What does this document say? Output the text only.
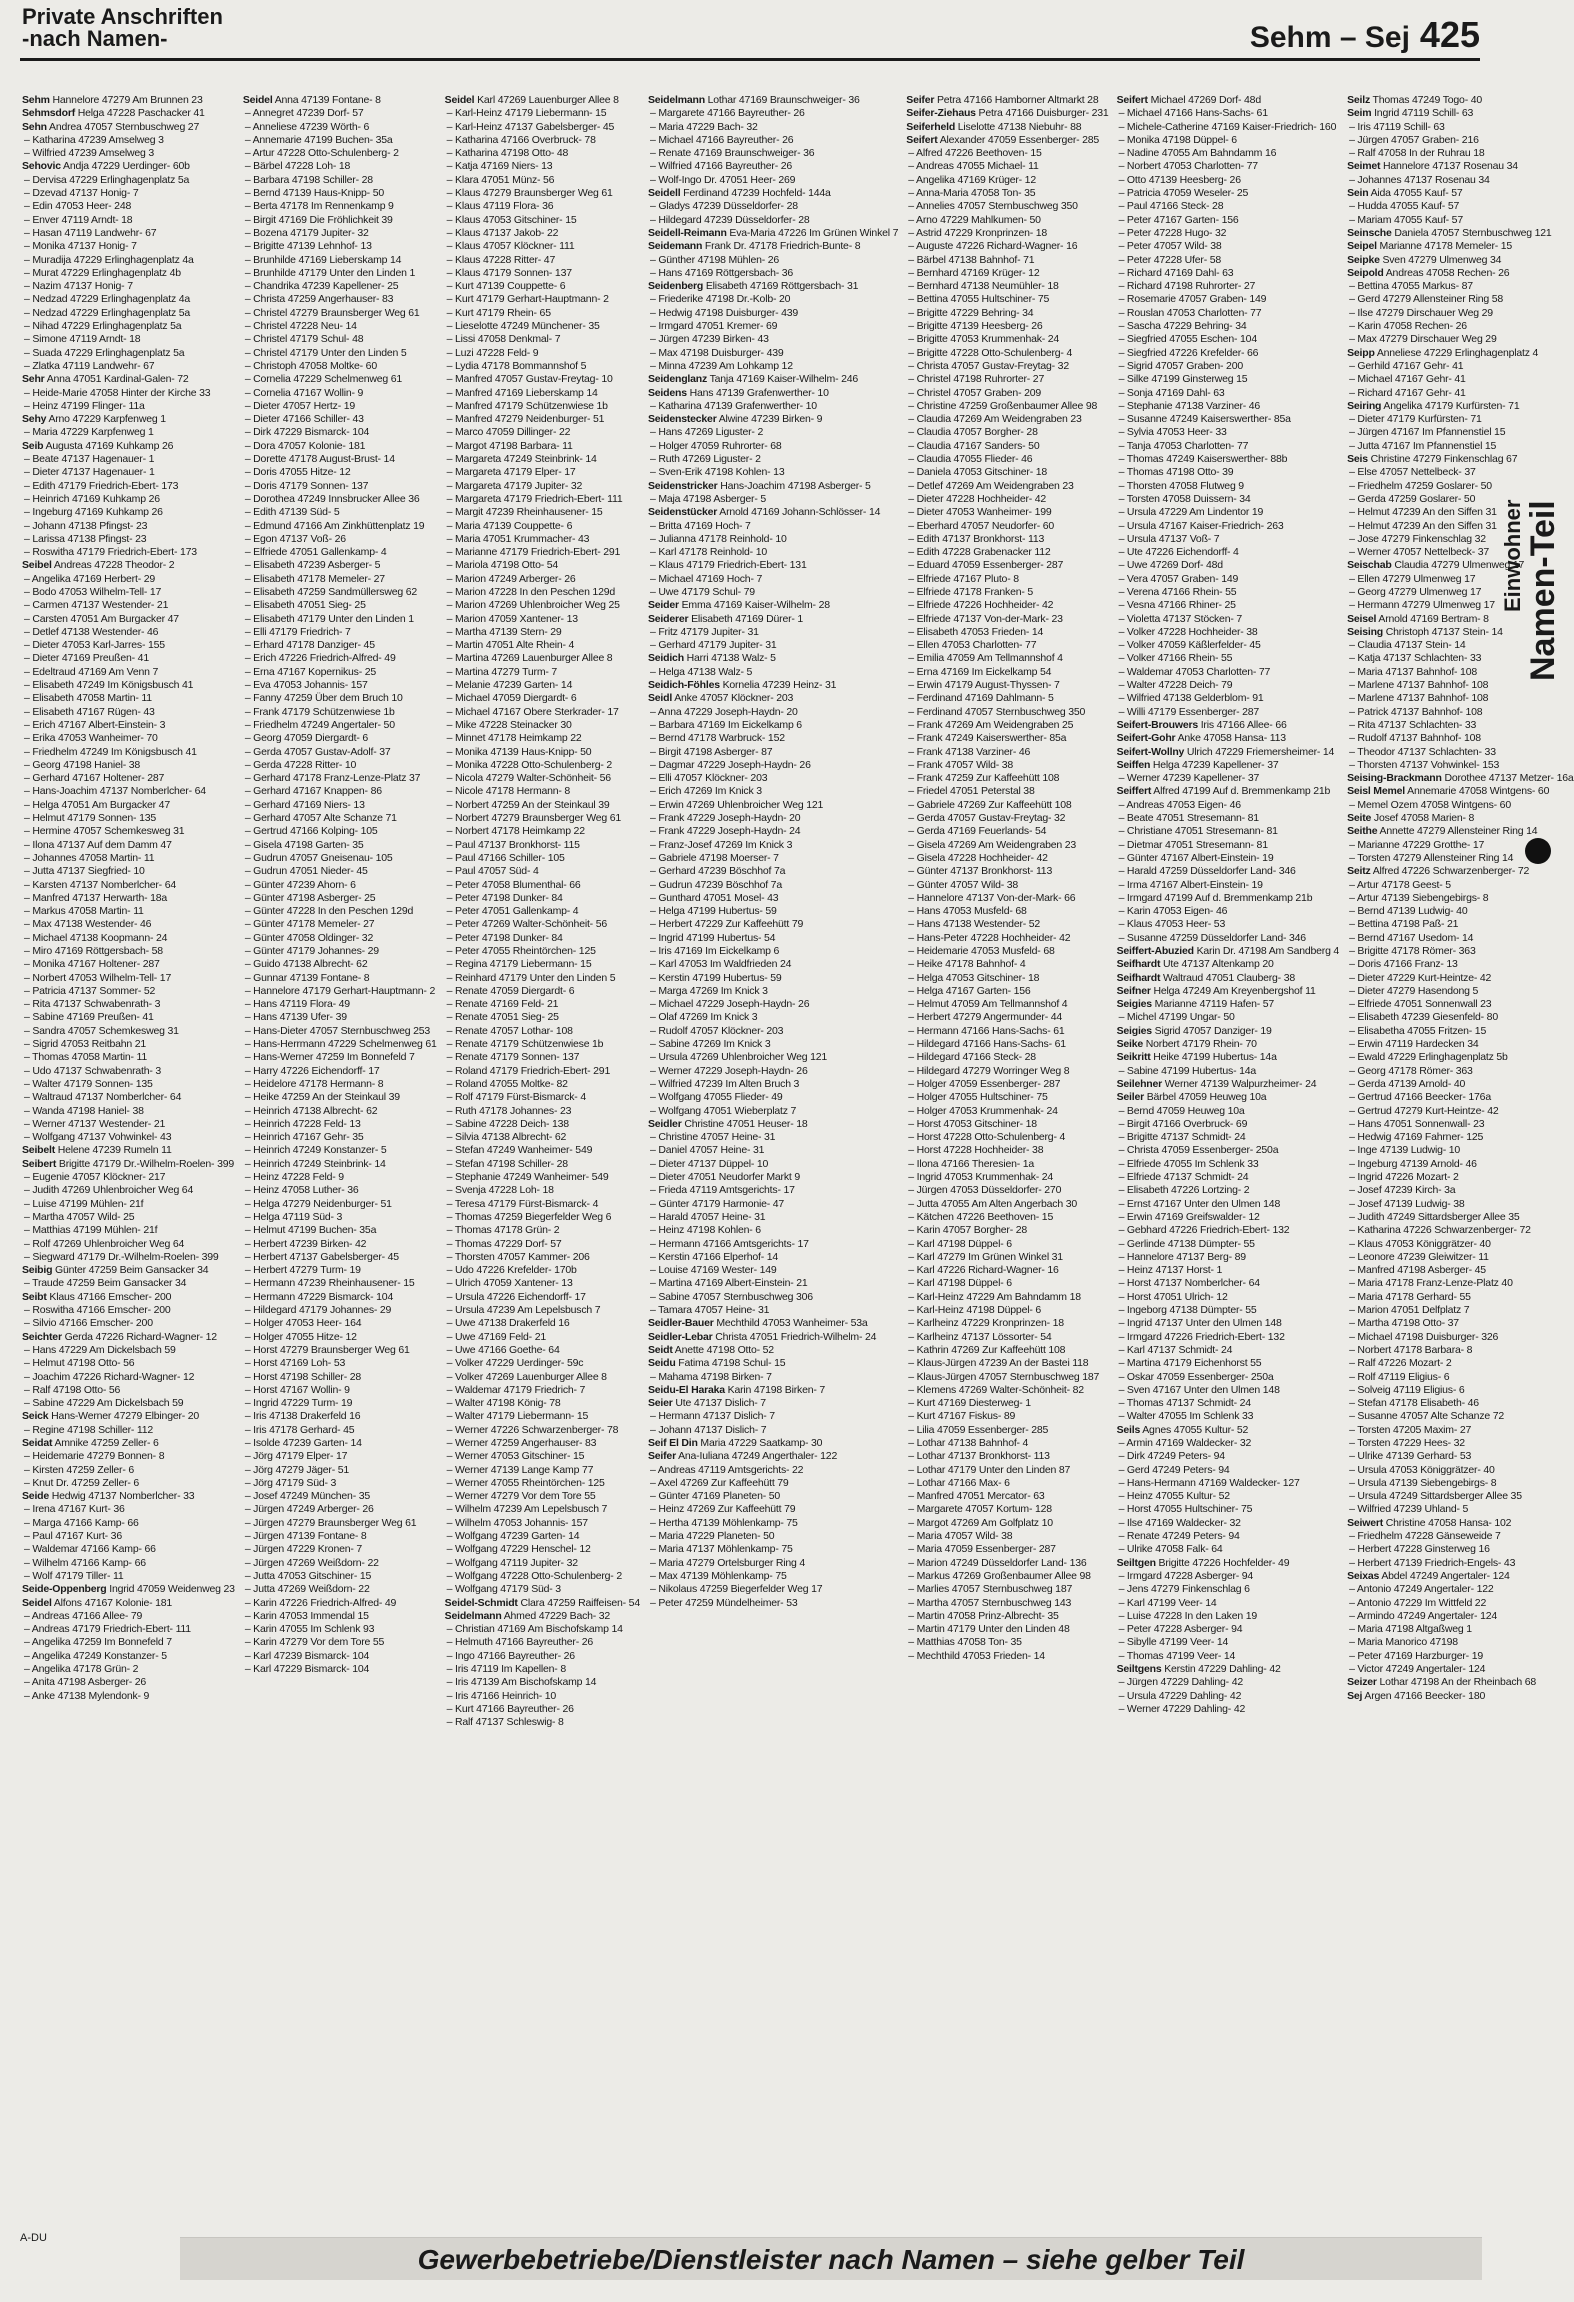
Private Anschriften
-nach Namen-	Sehm – Sej 425
Einwohner Namen-Teil
Sehm Hannelore 47279 Am Brunnen 23
Sehmsdorf Helga 47228 Paschacker 41
Sehn Andrea 47057 Sternbuschweg 27
– Katharina 47239 Amselweg 3
– Wilfried 47239 Amselweg 3
Sehovic Andja 47229 Uerdinger- 60b
– Dervisa 47229 Erlinghagenplatz 5a
– Dzevad 47137 Honig- 7
– Edin 47053 Heer- 248
– Enver 47119 Arndt- 18
– Hasan 47119 Landwehr- 67
– Monika 47137 Honig- 7
– Muradija 47229 Erlinghagenplatz 4a
– Murat 47229 Erlinghagenplatz 4b
– Nazim 47137 Honig- 7
– Nedzad 47229 Erlinghagenplatz 4a
– Nedzad 47229 Erlinghagenplatz 5a
– Nihad 47229 Erlinghagenplatz 5a
– Simone 47119 Arndt- 18
– Suada 47229 Erlinghagenplatz 5a
– Zlatka 47119 Landwehr- 67
Sehr Anna 47051 Kardinal-Galen- 72
– Heide-Marie 47058 Hinter der Kirche 33
– Heinz 47199 Flinger- 11a
Sehy Arno 47229 Karpfenweg 1
– Maria 47229 Karpfenweg 1
Seib Augusta 47169 Kuhkamp 26
– Beate 47137 Hagenauer- 1
– Dieter 47137 Hagenauer- 1
– Edith 47179 Friedrich-Ebert- 173
– Heinrich 47169 Kuhkamp 26
– Ingeburg 47169 Kuhkamp 26
– Johann 47138 Pfingst- 23
– Larissa 47138 Pfingst- 23
– Roswitha 47179 Friedrich-Ebert- 173
Seibel Andreas 47228 Theodor- 2
– Angelika 47169 Herbert- 29
– Bodo 47053 Wilhelm-Tell- 17
– Carmen 47137 Westender- 21
– Carsten 47051 Am Burgacker 47
– Detlef 47138 Westender- 46
– Dieter 47053 Karl-Jarres- 155
– Dieter 47169 Preußen- 41
– Edeltraud 47169 Am Venn 7
– Elisabeth 47249 Im Königsbusch 41
– Elisabeth 47058 Martin- 11
– Elisabeth 47167 Rügen- 43
– Erich 47167 Albert-Einstein- 3
– Erika 47053 Wanheimer- 70
– Friedhelm 47249 Im Königsbusch 41
– Georg 47198 Haniel- 38
– Gerhard 47167 Holtener- 287
– Hans-Joachim 47137 Nomberlcher- 64
– Helga 47051 Am Burgacker 47
– Helmut 47179 Sonnen- 135
– Hermine 47057 Schemkesweg 31
– Ilona 47137 Auf dem Damm 47
– Johannes 47058 Martin- 11
– Jutta 47137 Siegfried- 10
– Karsten 47137 Nomberlcher- 64
– Manfred 47137 Herwarth- 18a
– Markus 47058 Martin- 11
– Max 47138 Westender- 46
– Michael 47138 Koopmann- 24
– Miro 47169 Röttgersbach- 58
– Monika 47167 Holtener- 287
– Norbert 47053 Wilhelm-Tell- 17
– Patricia 47137 Sommer- 52
– Rita 47137 Schwabenrath- 3
– Sabine 47169 Preußen- 41
– Sandra 47057 Schemkesweg 31
– Sigrid 47053 Reitbahn 21
– Thomas 47058 Martin- 11
– Udo 47137 Schwabenrath- 3
– Walter 47179 Sonnen- 135
– Waltraud 47137 Nomberlcher- 64
– Wanda 47198 Haniel- 38
– Werner 47137 Westender- 21
– Wolfgang 47137 Vohwinkel- 43
Seibelt Helene 47239 Rumeln 11
Seibert Brigitte 47179 Dr.-Wilhelm-Roelen- 399
– Eugenie 47057 Klöckner- 217
– Judith 47269 Uhlenbroicher Weg 64
– Luise 47199 Mühlen- 21f
– Martha 47057 Wild- 25
– Matthias 47199 Mühlen- 21f
– Rolf 47269 Uhlenbroicher Weg 64
– Siegward 47179 Dr.-Wilhelm-Roelen- 399
Seibig Günter 47259 Beim Gansacker 34
– Traude 47259 Beim Gansacker 34
Seibt Klaus 47166 Emscher- 200
– Roswitha 47166 Emscher- 200
– Silvio 47166 Emscher- 200
Seichter Gerda 47226 Richard-Wagner- 12
– Hans 47229 Am Dickelsbach 59
– Helmut 47198 Otto- 56
– Joachim 47226 Richard-Wagner- 12
– Ralf 47198 Otto- 56
– Sabine 47229 Am Dickelsbach 59
Seick Hans-Werner 47279 Elbinger- 20
– Regine 47198 Schiller- 112
Seidat Amnike 47259 Zeller- 6
– Heidemarie 47279 Bonnen- 8
– Kirsten 47259 Zeller- 6
– Knut Dr. 47259 Zeller- 6
Seide Hedwig 47137 Nomberlcher- 33
– Irena 47167 Kurt- 36
– Marga 47166 Kamp- 66
– Paul 47167 Kurt- 36
– Waldemar 47166 Kamp- 66
– Wilhelm 47166 Kamp- 66
– Wolf 47179 Tiller- 11
Seide-Oppenberg Ingrid 47059 Weidenweg 23
Seidel Alfons 47167 Kolonie- 181
– Andreas 47166 Allee- 79
– Andreas 47179 Friedrich-Ebert- 111
– Angelika 47259 Im Bonnefeld 7
– Angelika 47249 Konstanzer- 5
– Angelika 47178 Grün- 2
– Anita 47198 Asberger- 26
– Anke 47138 Mylendonk- 9
Seidel Anna 47139 Fontane- 8
– Annegret 47239 Dorf- 57
– Anneliese 47239 Wörth- 6
– Annemarie 47199 Buchen- 35a
– Artur 47228 Otto-Schulenberg- 2
– Bärbel 47228 Loh- 18
– Barbara 47198 Schiller- 28
– Bernd 47139 Haus-Knipp- 50
– Berta 47178 Im Rennenkamp 9
– Birgit 47169 Die Fröhlichkeit 39
– Bozena 47179 Jupiter- 32
– Brigitte 47139 Lehnhof- 13
– Brunhilde 47169 Lieberskamp 14
– Brunhilde 47179 Unter den Linden 1
– Chandrika 47239 Kapellener- 25
– Christa 47259 Angerhauser- 83
– Christel 47279 Braunsberger Weg 61
– Christel 47228 Neu- 14
– Christel 47179 Schul- 48
– Christel 47179 Unter den Linden 5
– Christoph 47058 Moltke- 60
– Cornelia 47229 Schelmenweg 61
– Cornelia 47167 Wollin- 9
– Dieter 47057 Hertz- 19
– Dieter 47166 Schiller- 43
– Dirk 47229 Bismarck- 104
– Dora 47057 Kolonie- 181
– Dorette 47178 August-Brust- 14
– Doris 47055 Hitze- 12
– Doris 47179 Sonnen- 137
– Dorothea 47249 Innsbrucker Allee 36
– Edith 47139 Süd- 5
– Edmund 47166 Am Zinkhüttenplatz 19
– Egon 47137 Voß- 26
– Elfriede 47051 Gallenkamp- 4
– Elisabeth 47239 Asberger- 5
– Elisabeth 47178 Memeler- 27
– Elisabeth 47259 Sandmüllersweg 62
– Elisabeth 47051 Sieg- 25
– Elisabeth 47179 Unter den Linden 1
– Elli 47179 Friedrich- 7
– Erhard 47178 Danziger- 45
– Erich 47226 Friedrich-Alfred- 49
– Erna 47167 Kopernikus- 25
– Eva 47053 Johannis- 157
– Fanny 47259 Über dem Bruch 10
– Frank 47179 Schützenwiese 1b
– Friedhelm 47249 Angertaler- 50
– Georg 47059 Diergardt- 6
– Gerda 47057 Gustav-Adolf- 37
– Gerda 47228 Ritter- 10
– Gerhard 47178 Franz-Lenze-Platz 37
– Gerhard 47167 Knappen- 86
– Gerhard 47169 Niers- 13
– Gerhard 47057 Alte Schanze 71
– Gertrud 47166 Kolping- 105
– Gisela 47198 Garten- 35
– Gudrun 47057 Gneisenau- 105
– Gudrun 47051 Nieder- 45
– Günter 47239 Ahorn- 6
– Günter 47198 Asberger- 25
– Günter 47228 In den Peschen 129d
– Günter 47178 Memeler- 27
– Günter 47058 Oldinger- 32
– Günter 47179 Johannes- 29
– Guido 47138 Albrecht- 62
– Gunnar 47139 Fontane- 8
– Hannelore 47179 Gerhart-Hauptmann- 2
– Hans 47119 Flora- 49
– Hans 47139 Ufer- 39
– Hans-Dieter 47057 Sternbuschweg 253
– Hans-Herrmann 47229 Schelmenweg 61
– Hans-Werner 47259 Im Bonnefeld 7
– Harry 47226 Eichendorff- 17
– Heidelore 47178 Hermann- 8
– Heike 47259 An der Steinkaul 39
– Heinrich 47138 Albrecht- 62
– Heinrich 47228 Feld- 13
– Heinrich 47167 Gehr- 35
– Heinrich 47249 Konstanzer- 5
– Heinrich 47249 Steinbrink- 14
– Heinz 47228 Feld- 9
– Heinz 47058 Luther- 36
– Helga 47279 Neidenburger- 51
– Helga 47119 Süd- 3
– Helmut 47199 Buchen- 35a
– Herbert 47239 Birken- 42
– Herbert 47137 Gabelsberger- 45
– Herbert 47279 Turm- 19
– Hermann 47239 Rheinhausener- 15
– Hermann 47229 Bismarck- 104
– Hildegard 47179 Johannes- 29
– Holger 47053 Heer- 164
– Holger 47055 Hitze- 12
– Horst 47279 Braunsberger Weg 61
– Horst 47169 Loh- 53
– Horst 47198 Schiller- 28
– Horst 47167 Wollin- 9
– Ingrid 47229 Turm- 19
– Iris 47138 Drakerfeld 16
– Iris 47178 Gerhard- 45
– Isolde 47239 Garten- 14
– Jörg 47179 Elper- 17
– Jörg 47279 Jäger- 51
– Jörg 47179 Süd- 3
– Josef 47249 München- 35
– Jürgen 47249 Arberger- 26
– Jürgen 47279 Braunsberger Weg 61
– Jürgen 47139 Fontane- 8
– Jürgen 47229 Kronen- 7
– Jürgen 47269 Weißdorn- 22
– Jutta 47053 Gitschiner- 15
– Jutta 47269 Weißdorn- 22
– Karin 47226 Friedrich-Alfred- 49
– Karin 47053 Immendal 15
– Karin 47055 Im Schlenk 93
– Karin 47279 Vor dem Tore 55
– Karl 47239 Bismarck- 104
– Karl 47229 Bismarck- 104
Seidel Karl 47269 Lauenburger Allee 8
– Karl-Heinz 47179 Liebermann- 15
– Karl-Heinz 47137 Gabelsberger- 45
– Katharina 47166 Overbruck- 78
– Katharina 47198 Otto- 48
– Katja 47169 Niers- 13
– Klara 47051 Münz- 56
– Klaus 47279 Braunsberger Weg 61
– Klaus 47119 Flora- 36
– Klaus 47053 Gitschiner- 15
– Klaus 47137 Jakob- 22
– Klaus 47057 Klöckner- 111
– Klaus 47228 Ritter- 47
– Klaus 47179 Sonnen- 137
– Kurt 47139 Couppette- 6
– Kurt 47179 Gerhart-Hauptmann- 2
– Kurt 47179 Rhein- 65
– Lieselotte 47249 Münchener- 35
– Lissi 47058 Denkmal- 7
– Luzi 47228 Feld- 9
– Lydia 47178 Bommannshof 5
– Manfred 47057 Gustav-Freytag- 10
– Manfred 47169 Lieberskamp 14
– Manfred 47179 Schützenwiese 1b
– Manfred 47279 Neidenburger- 51
– Marco 47059 Dillinger- 22
– Margot 47198 Barbara- 11
– Margareta 47249 Steinbrink- 14
– Margareta 47179 Elper- 17
– Margareta 47179 Jupiter- 32
– Margareta 47179 Friedrich-Ebert- 111
– Margit 47239 Rheinhausener- 15
– Maria 47139 Couppette- 6
– Maria 47051 Krummacher- 43
– Marianne 47179 Friedrich-Ebert- 291
– Mariola 47198 Otto- 54
– Marion 47249 Arberger- 26
– Marion 47228 In den Peschen 129d
– Marion 47269 Uhlenbroicher Weg 25
– Marion 47059 Xantener- 13
– Martha 47139 Stern- 29
– Martin 47051 Alte Rhein- 4
– Martina 47269 Lauenburger Allee 8
– Martina 47279 Turm- 7
– Melanie 47239 Garten- 14
– Michael 47059 Diergardt- 6
– Michael 47167 Obere Sterkrader- 17
– Mike 47228 Steinacker 30
– Minnet 47178 Heimkamp 22
– Monika 47139 Haus-Knipp- 50
– Monika 47228 Otto-Schulenberg- 2
– Nicola 47279 Walter-Schönheit- 56
– Nicole 47178 Hermann- 8
– Norbert 47259 An der Steinkaul 39
– Norbert 47279 Braunsberger Weg 61
– Norbert 47178 Heimkamp 22
– Paul 47137 Bronkhorst- 115
– Paul 47166 Schiller- 105
– Paul 47057 Süd- 4
– Peter 47058 Blumenthal- 66
– Peter 47198 Dunker- 84
– Peter 47051 Gallenkamp- 4
– Peter 47269 Walter-Schönheit- 56
– Peter 47198 Dunker- 84
– Peter 47055 Rheintörchen- 125
– Regina 47179 Liebermann- 15
– Reinhard 47179 Unter den Linden 5
– Renate 47059 Diergardt- 6
– Renate 47169 Feld- 21
– Renate 47051 Sieg- 25
– Renate 47057 Lothar- 108
– Renate 47179 Schützenwiese 1b
– Renate 47179 Sonnen- 137
– Roland 47179 Friedrich-Ebert- 291
– Roland 47055 Moltke- 82
– Rolf 47179 Fürst-Bismarck- 4
– Ruth 47178 Johannes- 23
– Sabine 47228 Deich- 138
– Silvia 47138 Albrecht- 62
– Stefan 47249 Wanheimer- 549
– Stefan 47198 Schiller- 28
– Stephanie 47249 Wanheimer- 549
– Svenja 47228 Loh- 18
– Teresa 47179 Fürst-Bismarck- 4
– Thomas 47259 Biegerfelder Weg 6
– Thomas 47178 Grün- 2
– Thomas 47229 Dorf- 57
– Thorsten 47057 Kammer- 206
– Udo 47226 Krefelder- 170b
– Ulrich 47059 Xantener- 13
– Ursula 47226 Eichendorff- 17
– Ursula 47239 Am Lepelsbusch 7
– Uwe 47138 Drakerfeld 16
– Uwe 47169 Feld- 21
– Uwe 47166 Goethe- 64
– Volker 47229 Uerdinger- 59c
– Volker 47269 Lauenburger Allee 8
– Waldemar 47179 Friedrich- 7
– Walter 47198 König- 78
– Walter 47179 Liebermann- 15
– Werner 47226 Schwarzenberger- 78
– Werner 47259 Angerhauser- 83
– Werner 47053 Gitschiner- 15
– Werner 47139 Lange Kamp 77
– Werner 47055 Rheintörchen- 125
– Werner 47279 Vor dem Tore 55
– Wilhelm 47239 Am Lepelsbusch 7
– Wilhelm 47053 Johannis- 157
– Wolfgang 47239 Garten- 14
– Wolfgang 47229 Henschel- 12
– Wolfgang 47119 Jupiter- 32
– Wolfgang 47228 Otto-Schulenberg- 2
– Wolfgang 47179 Süd- 3
Seidel-Schmidt Clara 47259 Raiffeisen- 54
Seidelmann Ahmed 47229 Bach- 32
– Christian 47169 Am Bischofskamp 14
– Helmuth 47166 Bayreuther- 26
– Ingo 47166 Bayreuther- 26
– Iris 47119 Im Kapellen- 8
– Iris 47139 Am Bischofskamp 14
– Iris 47166 Heinrich- 10
– Kurt 47166 Bayreuther- 26
– Ralf 47137 Schleswig- 8
Seidelmann Lothar 47169 Braunschweiger- 36
– Margarete 47166 Bayreuther- 26
– Maria 47229 Bach- 32
– Michael 47166 Bayreuther- 26
– Renate 47169 Braunschweiger- 36
– Wilfried 47166 Bayreuther- 26
– Wolf-Ingo Dr. 47051 Heer- 269
Seidell Ferdinand 47239 Hochfeld- 144a
– Gladys 47239 Düsseldorfer- 28
– Hildegard 47239 Düsseldorfer- 28
Seidell-Reimann Eva-Maria 47226 Im Grünen Winkel 7
Seidemann Frank Dr. 47178 Friedrich-Bunte- 8
– Günther 47198 Mühlen- 26
– Hans 47169 Röttgersbach- 36
Seidenberg Elisabeth 47169 Röttgersbach- 31
– Friederike 47198 Dr.-Kolb- 20
– Hedwig 47198 Duisburger- 439
– Irmgard 47051 Kremer- 69
– Jürgen 47239 Birken- 43
– Max 47198 Duisburger- 439
– Minna 47239 Am Lohkamp 12
Seidenglanz Tanja 47169 Kaiser-Wilhelm- 246
Seidens Hans 47139 Grafenwerther- 10
– Katharina 47139 Grafenwerther- 10
Seidenstecker Alwine 47239 Birken- 9
– Hans 47269 Liguster- 2
– Holger 47059 Ruhrorter- 68
– Ruth 47269 Liguster- 2
– Sven-Erik 47198 Kohlen- 13
Seidenstricker Hans-Joachim 47198 Asberger- 5
– Maja 47198 Asberger- 5
Seidenstücker Arnold 47169 Johann-Schlösser- 14
– Britta 47169 Hoch- 7
– Julianna 47178 Reinhold- 10
– Karl 47178 Reinhold- 10
– Klaus 47179 Friedrich-Ebert- 131
– Michael 47169 Hoch- 7
– Uwe 47179 Schul- 79
Seider Emma 47169 Kaiser-Wilhelm- 28
Seiderer Elisabeth 47169 Dürer- 1
– Fritz 47179 Jupiter- 31
– Gerhard 47179 Jupiter- 31
Seidich Harri 47138 Walz- 5
– Helga 47138 Walz- 5
Seidich-Föhles Kornelia 47239 Heinz- 31
Seidl Anke 47057 Klöckner- 203
– Anna 47229 Joseph-Haydn- 20
– Barbara 47169 Im Eickelkamp 6
– Bernd 47178 Warbruck- 152
– Birgit 47198 Asberger- 87
– Dagmar 47229 Joseph-Haydn- 26
– Elli 47057 Klöckner- 203
– Erich 47269 Im Knick 3
– Erwin 47269 Uhlenbroicher Weg 121
– Frank 47229 Joseph-Haydn- 20
– Frank 47229 Joseph-Haydn- 24
– Franz-Josef 47269 Im Knick 3
– Gabriele 47198 Moerser- 7
– Gerhard 47239 Böschhof 7a
– Gudrun 47239 Böschhof 7a
– Gunthard 47051 Mosel- 43
– Helga 47199 Hubertus- 59
– Herbert 47229 Zur Kaffeehütt 79
– Ingrid 47199 Hubertus- 54
– Iris 47169 Im Eickelkamp 6
– Karl 47053 Im Waldfrieden 24
– Kerstin 47199 Hubertus- 59
– Marga 47269 Im Knick 3
– Michael 47229 Joseph-Haydn- 26
– Olaf 47269 Im Knick 3
– Rudolf 47057 Klöckner- 203
– Sabine 47269 Im Knick 3
– Ursula 47269 Uhlenbroicher Weg 121
– Werner 47229 Joseph-Haydn- 26
– Wilfried 47239 Im Alten Bruch 3
– Wolfgang 47055 Flieder- 49
– Wolfgang 47051 Wieberplatz 7
Seidler Christine 47051 Heuser- 18
– Christine 47057 Heine- 31
– Daniel 47057 Heine- 31
– Dieter 47137 Düppel- 10
– Dieter 47051 Neudorfer Markt 9
– Frieda 47119 Amtsgerichts- 17
– Günter 47179 Harmonie- 47
– Harald 47057 Heine- 31
– Heinz 47198 Kohlen- 6
– Hermann 47166 Amtsgerichts- 17
– Kerstin 47166 Elperhof- 14
– Louise 47169 Wester- 149
– Martina 47169 Albert-Einstein- 21
– Sabine 47057 Sternbuschweg 306
– Tamara 47057 Heine- 31
Seidler-Bauer Mechthild 47053 Wanheimer- 53a
Seidler-Lebar Christa 47051 Friedrich-Wilhelm- 24
Seidt Anette 47198 Otto- 52
Seidu Fatima 47198 Schul- 15
– Mahama 47198 Birken- 7
Seidu-El Haraka Karin 47198 Birken- 7
Seier Ute 47137 Dislich- 7
– Hermann 47137 Dislich- 7
– Johann 47137 Dislich- 7
Seif El Din Maria 47229 Saatkamp- 30
Seifer Ana-Iuliana 47249 Angerthaler- 122
– Andreas 47119 Amtsgerichts- 22
– Axel 47269 Zur Kaffeehütt 79
– Günter 47169 Planeten- 50
– Heinz 47269 Zur Kaffeehütt 79
– Hertha 47139 Möhlenkamp- 75
– Maria 47229 Planeten- 50
– Maria 47137 Möhlenkamp- 75
– Maria 47279 Ortelsburger Ring 4
– Max 47139 Möhlenkamp- 75
– Nikolaus 47259 Biegerfelder Weg 17
– Peter 47259 Mündelheimer- 53
Seifer Petra 47166 Hamborner Altmarkt 28
Seifer-Ziehaus Petra 47166 Duisburger- 231
Seiferheld Liselotte 47138 Niebuhr- 88
Seifert Alexander 47059 Essenberger- 285
– Alfred 47226 Beethoven- 15
– Andreas 47055 Michael- 11
– Angelika 47169 Krüger- 12
– Anna-Maria 47058 Ton- 35
– Annelies 47057 Sternbuschweg 350
– Arno 47229 Mahlkumen- 50
– Astrid 47229 Kronprinzen- 18
– Auguste 47226 Richard-Wagner- 16
– Bärbel 47138 Bahnhof- 71
– Bernhard 47169 Krüger- 12
– Bernhard 47138 Neumühler- 18
– Bettina 47055 Hultschiner- 75
– Brigitte 47229 Behring- 34
– Brigitte 47139 Heesberg- 26
– Brigitte 47053 Krummenhak- 24
– Brigitte 47228 Otto-Schulenberg- 4
– Christa 47057 Gustav-Freytag- 32
– Christel 47198 Ruhrorter- 27
– Christel 47057 Graben- 209
– Christine 47259 Großenbaumer Allee 98
– Claudia 47269 Am Weidengraben 23
– Claudia 47057 Borgher- 28
– Claudia 47167 Sanders- 50
– Claudia 47055 Flieder- 46
– Daniela 47053 Gitschiner- 18
– Detlef 47269 Am Weidengraben 23
– Dieter 47228 Hochheider- 42
– Dieter 47053 Wanheimer- 199
– Eberhard 47057 Neudorfer- 60
– Edith 47137 Bronkhorst- 113
– Edith 47228 Grabenacker 112
– Eduard 47059 Essenberger- 287
– Elfriede 47167 Pluto- 8
– Elfriede 47178 Franken- 5
– Elfriede 47226 Hochheider- 42
– Elfriede 47137 Von-der-Mark- 23
– Elisabeth 47053 Frieden- 14
– Ellen 47053 Charlotten- 77
– Emilia 47059 Am Tellmannshof 4
– Erna 47169 Im Eickelkamp 54
– Erwin 47179 August-Thyssen- 7
– Ferdinand 47169 Dahlmann- 5
– Ferdinand 47057 Sternbuschweg 350
– Frank 47269 Am Weidengraben 25
– Frank 47249 Kaiserswerther- 85a
– Frank 47138 Varziner- 46
– Frank 47057 Wild- 38
– Frank 47259 Zur Kaffeehütt 108
– Friedel 47051 Peterstal 38
– Gabriele 47269 Zur Kaffeehütt 108
– Gerda 47057 Gustav-Freytag- 32
– Gerda 47169 Feuerlands- 54
– Gisela 47269 Am Weidengraben 23
– Gisela 47228 Hochheider- 42
– Günter 47137 Bronkhorst- 113
– Günter 47057 Wild- 38
– Hannelore 47137 Von-der-Mark- 66
– Hans 47053 Musfeld- 68
– Hans 47138 Westender- 52
– Hans-Peter 47228 Hochheider- 42
– Heidemarie 47053 Musfeld- 68
– Heike 47178 Bahnhof- 4
– Helga 47053 Gitschiner- 18
– Helga 47167 Garten- 156
– Helmut 47059 Am Tellmannshof 4
– Herbert 47279 Angermunder- 44
– Hermann 47166 Hans-Sachs- 61
– Hildegard 47166 Hans-Sachs- 61
– Hildegard 47166 Steck- 28
– Hildegard 47279 Worringer Weg 8
– Holger 47059 Essenberger- 287
– Holger 47055 Hultschiner- 75
– Holger 47053 Krummenhak- 24
– Horst 47053 Gitschiner- 18
– Horst 47228 Otto-Schulenberg- 4
– Horst 47228 Hochheider- 38
– Ilona 47166 Theresien- 1a
– Ingrid 47053 Krummenhak- 24
– Jürgen 47053 Düsseldorfer- 270
– Jutta 47055 Am Alten Angerbach 30
– Kätchen 47226 Beethoven- 15
– Karin 47057 Borgher- 28
– Karl 47198 Düppel- 6
– Karl 47279 Im Grünen Winkel 31
– Karl 47226 Richard-Wagner- 16
– Karl 47198 Düppel- 6
– Karl-Heinz 47229 Am Bahndamm 18
– Karl-Heinz 47198 Düppel- 6
– Karlheinz 47229 Kronprinzen- 18
– Karlheinz 47137 Lössorter- 54
– Kathrin 47269 Zur Kaffeehütt 108
– Klaus-Jürgen 47239 An der Bastei 118
– Klaus-Jürgen 47057 Sternbuschweg 187
– Klemens 47269 Walter-Schönheit- 82
– Kurt 47169 Diesterweg- 1
– Kurt 47167 Fiskus- 89
– Lilia 47059 Essenberger- 285
– Lothar 47138 Bahnhof- 4
– Lothar 47137 Bronkhorst- 113
– Lothar 47179 Unter den Linden 87
– Lothar 47166 Max- 6
– Manfred 47051 Mercator- 63
– Margarete 47057 Kortum- 128
– Margot 47269 Am Golfplatz 10
– Maria 47057 Wild- 38
– Maria 47059 Essenberger- 287
– Marion 47249 Düsseldorfer Land- 136
– Markus 47269 Großenbaumer Allee 98
– Marlies 47057 Sternbuschweg 187
– Martha 47057 Sternbuschweg 143
– Martin 47058 Prinz-Albrecht- 35
– Martin 47179 Unter den Linden 48
– Matthias 47058 Ton- 35
– Mechthild 47053 Frieden- 14
Seifert Michael 47269 Dorf- 48d
– Michael 47166 Hans-Sachs- 61
– Michele-Catherine 47169 Kaiser-Friedrich- 160
– Monika 47198 Düppel- 6
– Nadine 47055 Am Bahndamm 16
– Norbert 47053 Charlotten- 77
– Otto 47139 Heesberg- 26
– Patricia 47059 Weseler- 25
– Paul 47166 Steck- 28
– Peter 47167 Garten- 156
– Peter 47228 Hugo- 32
– Peter 47057 Wild- 38
– Peter 47228 Ufer- 58
– Richard 47169 Dahl- 63
– Richard 47198 Ruhrorter- 27
– Rosemarie 47057 Graben- 149
– Rouslan 47053 Charlotten- 77
– Sascha 47229 Behring- 34
– Siegfried 47055 Eschen- 104
– Siegfried 47226 Krefelder- 66
– Sigrid 47057 Graben- 200
– Silke 47199 Ginsterweg 15
– Sonja 47169 Dahl- 63
– Stephanie 47138 Varziner- 46
– Susanne 47249 Kaiserswerther- 85a
– Sylvia 47053 Heer- 33
– Tanja 47053 Charlotten- 77
– Thomas 47249 Kaiserswerther- 88b
– Thomas 47198 Otto- 39
– Thorsten 47058 Flutweg 9
– Torsten 47058 Duissern- 34
– Ursula 47229 Am Lindentor 19
– Ursula 47167 Kaiser-Friedrich- 263
– Ursula 47137 Voß- 7
– Ute 47226 Eichendorff- 4
– Uwe 47269 Dorf- 48d
– Vera 47057 Graben- 149
– Verena 47166 Rhein- 55
– Vesna 47166 Rhiner- 25
– Violetta 47137 Stöcken- 7
– Volker 47228 Hochheider- 38
– Volker 47059 Käßlerfelder- 45
– Volker 47166 Rhein- 55
– Waldemar 47053 Charlotten- 77
– Walter 47228 Deich- 79
– Wilfried 47138 Gelderblom- 91
– Willi 47179 Essenberger- 287
Seifert-Brouwers Iris 47166 Allee- 66
Seifert-Gohr Anke 47058 Hansa- 113
Seifert-Wollny Ulrich 47229 Friemersheimer- 14
Seiffen Helga 47239 Kapellener- 37
– Werner 47239 Kapellener- 37
Seiffert Alfred 47199 Auf d. Bremmenkamp 21b
– Andreas 47053 Eigen- 46
– Beate 47051 Stresemann- 81
– Christiane 47051 Stresemann- 81
– Dietmar 47051 Stresemann- 81
– Günter 47167 Albert-Einstein- 19
– Harald 47259 Düsseldorfer Land- 346
– Irma 47167 Albert-Einstein- 19
– Irmgard 47199 Auf d. Bremmenkamp 21b
– Karin 47053 Eigen- 46
– Klaus 47053 Heer- 53
– Susanne 47259 Düsseldorfer Land- 346
Seiffert-Abuzied Karin Dr. 47198 Am Sandberg 4
Seifhardt Ute 47137 Altenkamp 20
Seifhardt Waltraud 47051 Clauberg- 38
Seifner Helga 47249 Am Kreyenbergshof 11
Seigies Marianne 47119 Hafen- 57
– Michel 47199 Ungar- 50
Seigies Sigrid 47057 Danziger- 19
Seike Norbert 47179 Rhein- 70
Seikritt Heike 47199 Hubertus- 14a
– Sabine 47199 Hubertus- 14a
Seilehner Werner 47139 Walpurzheimer- 24
Seiler Bärbel 47059 Heuweg 10a
– Bernd 47059 Heuweg 10a
– Birgit 47166 Overbruck- 69
– Brigitte 47137 Schmidt- 24
– Christa 47059 Essenberger- 250a
– Elfriede 47055 Im Schlenk 33
– Elfriede 47137 Schmidt- 24
– Elisabeth 47226 Lortzing- 2
– Ernst 47167 Unter den Ulmen 148
– Erwin 47169 Greifswalder- 12
– Gebhard 47226 Friedrich-Ebert- 132
– Gerlinde 47138 Dümpter- 55
– Hannelore 47137 Berg- 89
– Heinz 47137 Horst- 1
– Horst 47137 Nomberlcher- 64
– Horst 47051 Ulrich- 12
– Ingeborg 47138 Dümpter- 55
– Ingrid 47137 Unter den Ulmen 148
– Irmgard 47226 Friedrich-Ebert- 132
– Karl 47137 Schmidt- 24
– Martina 47179 Eichenhorst 55
– Oskar 47059 Essenberger- 250a
– Sven 47167 Unter den Ulmen 148
– Thomas 47137 Schmidt- 24
– Walter 47055 Im Schlenk 33
Seils Agnes 47055 Kultur- 52
– Armin 47169 Waldecker- 32
– Dirk 47249 Peters- 94
– Gerd 47249 Peters- 94
– Hans-Hermann 47169 Waldecker- 127
– Heinz 47055 Kultur- 52
– Horst 47055 Hultschiner- 75
– Ilse 47169 Waldecker- 32
– Renate 47249 Peters- 94
– Ulrike 47058 Falk- 64
Seiltgen Brigitte 47226 Hochfelder- 49
– Irmgard 47228 Asberger- 94
– Jens 47279 Finkenschlag 6
– Karl 47199 Veer- 14
– Luise 47228 In den Laken 19
– Peter 47228 Asberger- 94
– Sibylle 47199 Veer- 14
– Thomas 47199 Veer- 14
Seiltgens Kerstin 47229 Dahling- 42
– Jürgen 47229 Dahling- 42
– Ursula 47229 Dahling- 42
– Werner 47229 Dahling- 42
Seilz Thomas 47249 Togo- 40
Seim Ingrid 47119 Schill- 63
– Iris 47119 Schill- 63
– Jürgen 47057 Graben- 216
– Ralf 47058 In der Ruhrau 18
Seimet Hannelore 47137 Rosenau 34
– Johannes 47137 Rosenau 34
Sein Aida 47055 Kauf- 57
– Hudda 47055 Kauf- 57
– Mariam 47055 Kauf- 57
Seinsche Daniela 47057 Sternbuschweg 121
Seipel Marianne 47178 Memeler- 15
Seipke Sven 47279 Ulmenweg 34
Seipold Andreas 47058 Rechen- 26
– Bettina 47055 Markus- 87
– Gerd 47279 Allensteiner Ring 58
– Ilse 47279 Dirschauer Weg 29
– Karin 47058 Rechen- 26
– Max 47279 Dirschauer Weg 29
Seipp Anneliese 47229 Erlinghagenplatz 4
– Gerhild 47167 Gehr- 41
– Michael 47167 Gehr- 41
– Richard 47167 Gehr- 41
Seiring Angelika 47179 Kurfürsten- 71
– Dieter 47179 Kurfürsten- 71
– Jürgen 47167 Im Pfannenstiel 15
– Jutta 47167 Im Pfannenstiel 15
Seis Christine 47279 Finkenschlag 67
– Else 47057 Nettelbeck- 37
– Friedhelm 47259 Goslarer- 50
– Gerda 47259 Goslarer- 50
– Helmut 47239 An den Siffen 31
– Helmut 47239 An den Siffen 31
– Jose 47279 Finkenschlag 32
– Werner 47057 Nettelbeck- 37
Seischab Claudia 47279 Ulmenweg 17
– Ellen 47279 Ulmenweg 17
– Georg 47279 Ulmenweg 17
– Hermann 47279 Ulmenweg 17
Seisel Arnold 47169 Bertram- 8
Seising Christoph 47137 Stein- 14
– Claudia 47137 Stein- 14
– Katja 47137 Schlachten- 33
– Maria 47137 Bahnhof- 108
– Marlene 47137 Bahnhof- 108
– Marlene 47137 Bahnhof- 108
– Patrick 47137 Bahnhof- 108
– Rita 47137 Schlachten- 33
– Rudolf 47137 Bahnhof- 108
– Theodor 47137 Schlachten- 33
– Thorsten 47137 Vohwinkel- 153
Seising-Brackmann Dorothee 47137 Metzer- 16a
Seisl Memel Annemarie 47058 Wintgens- 60
– Memel Ozem 47058 Wintgens- 60
Seite Josef 47058 Marien- 8
Seithe Annette 47279 Allensteiner Ring 14
– Marianne 47229 Grotthe- 17
– Torsten 47279 Allensteiner Ring 14
Seitz Alfred 47226 Schwarzenberger- 72
– Artur 47178 Geest- 5
– Artur 47139 Siebengebirgs- 8
– Bernd 47139 Ludwig- 40
– Bettina 47198 Paß- 21
– Bernd 47167 Usedom- 14
– Brigitte 47178 Römer- 363
– Doris 47166 Franz- 13
– Dieter 47229 Kurt-Heintze- 42
– Dieter 47279 Hasendong 5
– Elfriede 47051 Sonnenwall 23
– Elisabeth 47239 Giesenfeld- 80
– Elisabetha 47055 Fritzen- 15
– Erwin 47119 Hardecken 34
– Ewald 47229 Erlinghagenplatz 5b
– Georg 47178 Römer- 363
– Gerda 47139 Arnold- 40
– Gertrud 47166 Beecker- 176a
– Gertrud 47279 Kurt-Heintze- 42
– Hans 47051 Sonnenwall- 23
– Hedwig 47169 Fahrner- 125
– Inge 47139 Ludwig- 10
– Ingeburg 47139 Arnold- 46
– Ingrid 47226 Mozart- 2
– Josef 47239 Kirch- 3a
– Josef 47139 Ludwig- 38
– Judith 47249 Sittardsberger Allee 35
– Katharina 47226 Schwarzenberger- 72
– Klaus 47053 Königgrätzer- 40
– Leonore 47239 Gleiwitzer- 11
– Manfred 47198 Asberger- 45
– Maria 47178 Franz-Lenze-Platz 40
– Maria 47178 Gerhard- 55
– Marion 47051 Delfplatz 7
– Martha 47198 Otto- 37
– Michael 47198 Duisburger- 326
– Norbert 47178 Barbara- 8
– Ralf 47226 Mozart- 2
– Rolf 47119 Eligius- 6
– Solveig 47119 Eligius- 6
– Stefan 47178 Elisabeth- 46
– Susanne 47057 Alte Schanze 72
– Torsten 47205 Maxim- 27
– Torsten 47229 Hees- 32
– Ulrike 47139 Gerhard- 53
– Ursula 47053 Königgrätzer- 40
– Ursula 47139 Siebengebirgs- 8
– Ursula 47249 Sittardsberger Allee 35
– Wilfried 47239 Uhland- 5
Seiwert Christine 47058 Hansa- 102
– Friedhelm 47228 Gänseweide 7
– Herbert 47228 Ginsterweg 16
– Herbert 47139 Friedrich-Engels- 43
Seixas Abdel 47249 Angertaler- 124
– Antonio 47249 Angertaler- 122
– Antonio 47229 Im Wittfeld 22
– Armindo 47249 Angertaler- 124
– Maria 47198 Altgaßweg 1
– Maria Manorico 47198
– Peter 47169 Harzburger- 19
– Victor 47249 Angertaler- 124
Seizer Lothar 47198 An der Rheinbach 68
Sej Argen 47166 Beecker- 180
A-DU
Gewerbebetriebe/Dienstleister nach Namen – siehe gelber Teil
